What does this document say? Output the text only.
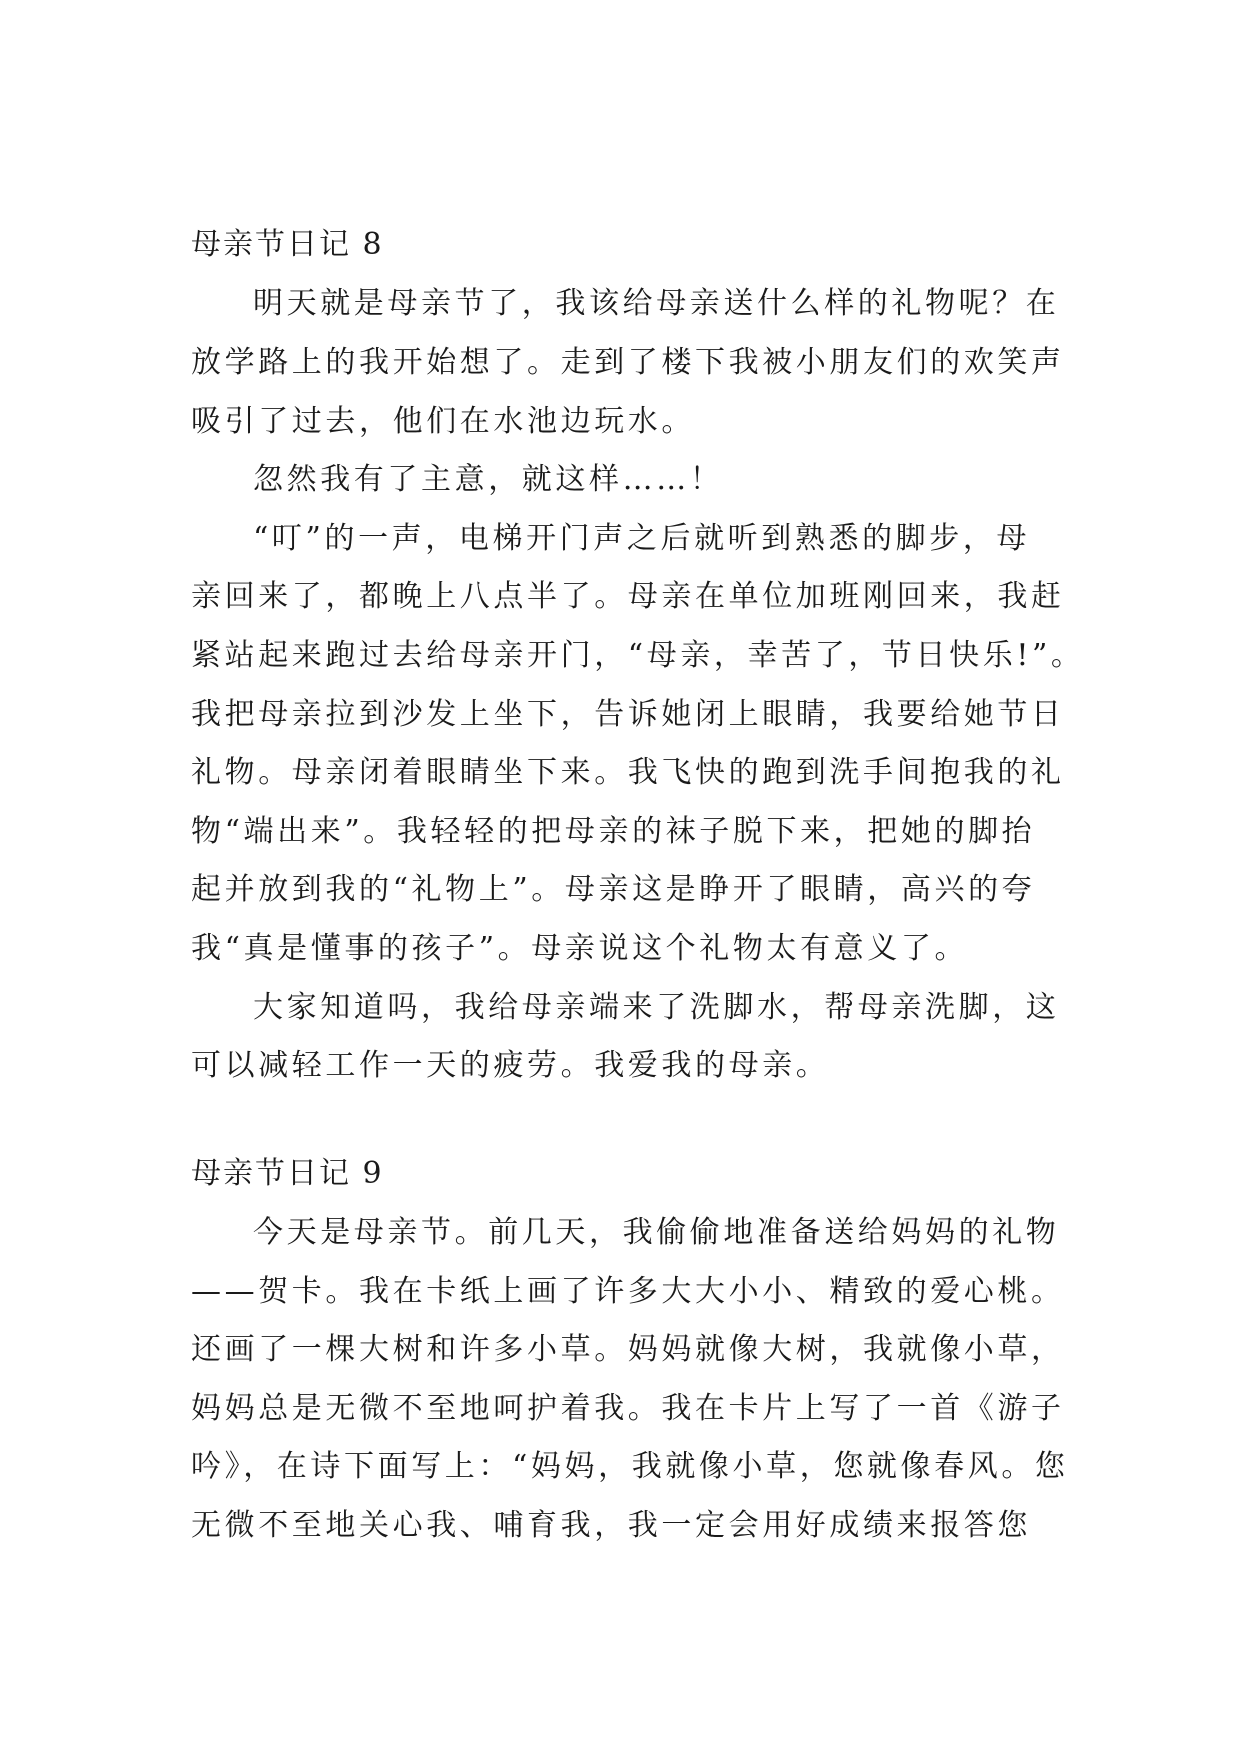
母亲节日记 8
明天就是母亲节了，我该给母亲送什么样的礼物呢？在
放学路上的我开始想了。走到了楼下我被小朋友们的欢笑声
吸引了过去，他们在水池边玩水。
忽然我有了主意，就这样……！
“叮”的一声，电梯开门声之后就听到熟悉的脚步，母
亲回来了，都晚上八点半了。母亲在单位加班刚回来，我赶
紧站起来跑过去给母亲开门，“母亲，幸苦了，节日快乐!”。
我把母亲拉到沙发上坐下，告诉她闭上眼睛，我要给她节日
礼物。母亲闭着眼睛坐下来。我飞快的跑到洗手间抱我的礼
物“端出来”。我轻轻的把母亲的袜子脱下来，把她的脚抬
起并放到我的“礼物上”。母亲这是睁开了眼睛，高兴的夸
我“真是懂事的孩子”。母亲说这个礼物太有意义了。
大家知道吗，我给母亲端来了洗脚水，帮母亲洗脚，这
可以减轻工作一天的疲劳。我爱我的母亲。
母亲节日记 9
今天是母亲节。前几天，我偷偷地准备送给妈妈的礼物
——贺卡。我在卡纸上画了许多大大小小、精致的爱心桃。
还画了一棵大树和许多小草。妈妈就像大树，我就像小草，
妈妈总是无微不至地呵护着我。我在卡片上写了一首《游子
吟》，在诗下面写上：“妈妈，我就像小草，您就像春风。您
无微不至地关心我、哺育我，我一定会用好成绩来报答您
